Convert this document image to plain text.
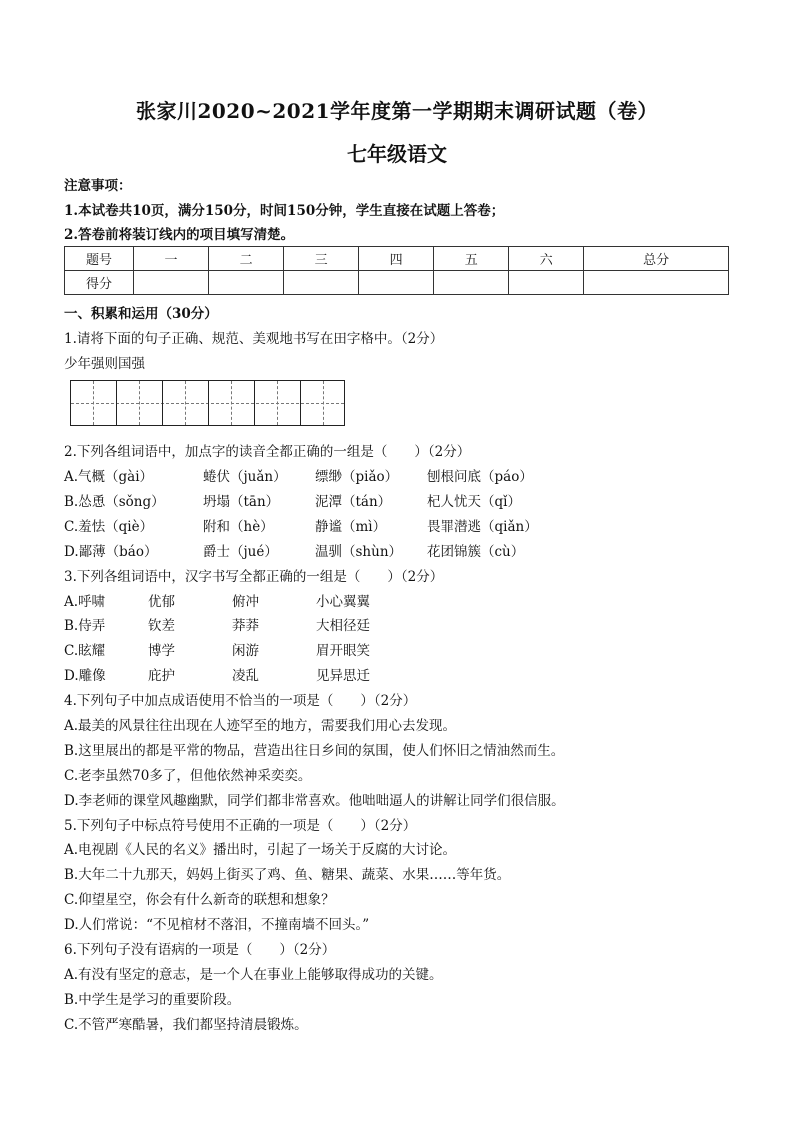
张家川2020~2021学年度第一学期期末调研试题（卷）
七年级语文
注意事项：
1.本试卷共10页，满分150分，时间150分钟，学生直接在试题上答卷；
2.答卷前将装订线内的项目填写清楚。
题号	一	二	三	四	五	六	总分
得分							
一、积累和运用（30分）
1.请将下面的句子正确、规范、美观地书写在田字格中。（2分）
少年强则国强
2.下列各组词语中，加点字的读音全都正确的一组是（　　）（2分）
A.气概（gài）	蜷伏（juǎn） 缥缈（piǎo） 刨根问底（páo）
B.怂恿（sǒng）	坍塌（tān）	泥潭（tán）	杞人忧天（qǐ）
C.羞怯（qiè）	附和（hè）	静谧（mì）	畏罪潜逃（qiǎn）
D.鄙薄（báo）	爵士（jué）	温驯（shùn） 花团锦簇（cù）
3.下列各组词语中，汉字书写全都正确的一组是（　　）（2分）
A.呼啸	优郁	俯冲	小心翼翼
B.侍弄	钦差	莽莽	大相径廷
C.眩耀	博学	闲游	眉开眼笑
D.雕像	庇护	凌乱	见异思迁
4.下列句子中加点成语使用不恰当的一项是（　　）（2分）
A.最美的风景往往出现在人迹罕至的地方，需要我们用心去发现。
B.这里展出的都是平常的物品，营造出往日乡间的氛围，使人们怀旧之情油然而生。
C.老李虽然70多了，但他依然神采奕奕。
D.李老师的课堂风趣幽默，同学们都非常喜欢。他咄咄逼人的讲解让同学们很信服。
5.下列句子中标点符号使用不正确的一项是（　　）（2分）
A.电视剧《人民的名义》播出时，引起了一场关于反腐的大讨论。
B.大年二十九那天，妈妈上街买了鸡、鱼、糖果、蔬菜、水果……等年货。
C.仰望星空，你会有什么新奇的联想和想象？
D.人们常说：“不见棺材不落泪，不撞南墙不回头。”
6.下列句子没有语病的一项是（　　）（2分）
A.有没有坚定的意志，是一个人在事业上能够取得成功的关键。
B.中学生是学习的重要阶段。
C.不管严寒酷暑，我们都坚持清晨锻炼。
